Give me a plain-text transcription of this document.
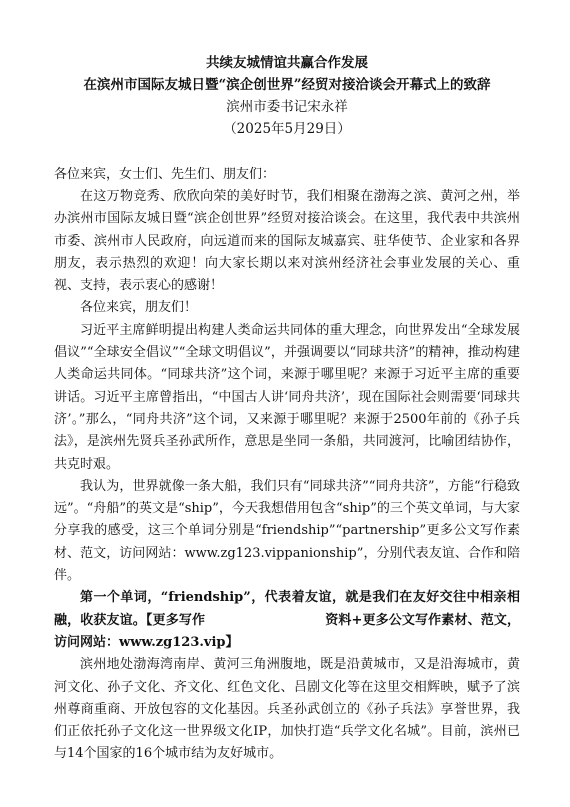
共续友城情谊共赢合作发展

在滨州市国际友城日暨“滨企创世界”经贸对接洽谈会开幕式上的致辞

滨州市委书记宋永祥

（2025年5月29日）

各位来宾，女士们、先生们、朋友们：

在这万物竞秀、欣欣向荣的美好时节，我们相聚在渤海之滨、黄河之州，举办滨州市国际友城日暨“滨企创世界”经贸对接洽谈会。在这里，我代表中共滨州市委、滨州市人民政府，向远道而来的国际友城嘉宾、驻华使节、企业家和各界朋友，表示热烈的欢迎！向大家长期以来对滨州经济社会事业发展的关心、重视、支持，表示衷心的感谢！

各位来宾，朋友们！

习近平主席鲜明提出构建人类命运共同体的重大理念，向世界发出“全球发展倡议”“全球安全倡议”“全球文明倡议”，并强调要以“同球共济”的精神，推动构建人类命运共同体。“同球共济”这个词，来源于哪里呢？来源于习近平主席的重要讲话。习近平主席曾指出，“中国古人讲‘同舟共济’，现在国际社会则需要‘同球共济’。”那么，“同舟共济”这个词，又来源于哪里呢？来源于2500年前的《孙子兵法》，是滨州先贤兵圣孙武所作，意思是坐同一条船，共同渡河，比喻团结协作，共克时艰。

我认为，世界就像一条大船，我们只有“同球共济”“同舟共济”，方能“行稳致远”。“舟船”的英文是“ship”，今天我想借用包含“ship”的三个英文单词，与大家分享我的感受，这三个单词分别是“friendship”“partnership”更多公文写作素材、范文，访问网站：www.zg123.vippanionship”，分别代表友谊、合作和陪伴。

第一个单词，“friendship”，代表着友谊，就是我们在友好交往中相亲相融，收获友谊。【更多写作	资料+更多公文写作素材、范文，访问网站：www.zg123.vip】

滨州地处渤海湾南岸、黄河三角洲腹地，既是沿黄城市，又是沿海城市，黄河文化、孙子文化、齐文化、红色文化、吕剧文化等在这里交相辉映，赋予了滨州尊商重商、开放包容的文化基因。兵圣孙武创立的《孙子兵法》享誉世界，我们正依托孙子文化这一世界级文化IP，加快打造“兵学文化名城”。目前，滨州已与14个国家的16个城市结为友好城市。
